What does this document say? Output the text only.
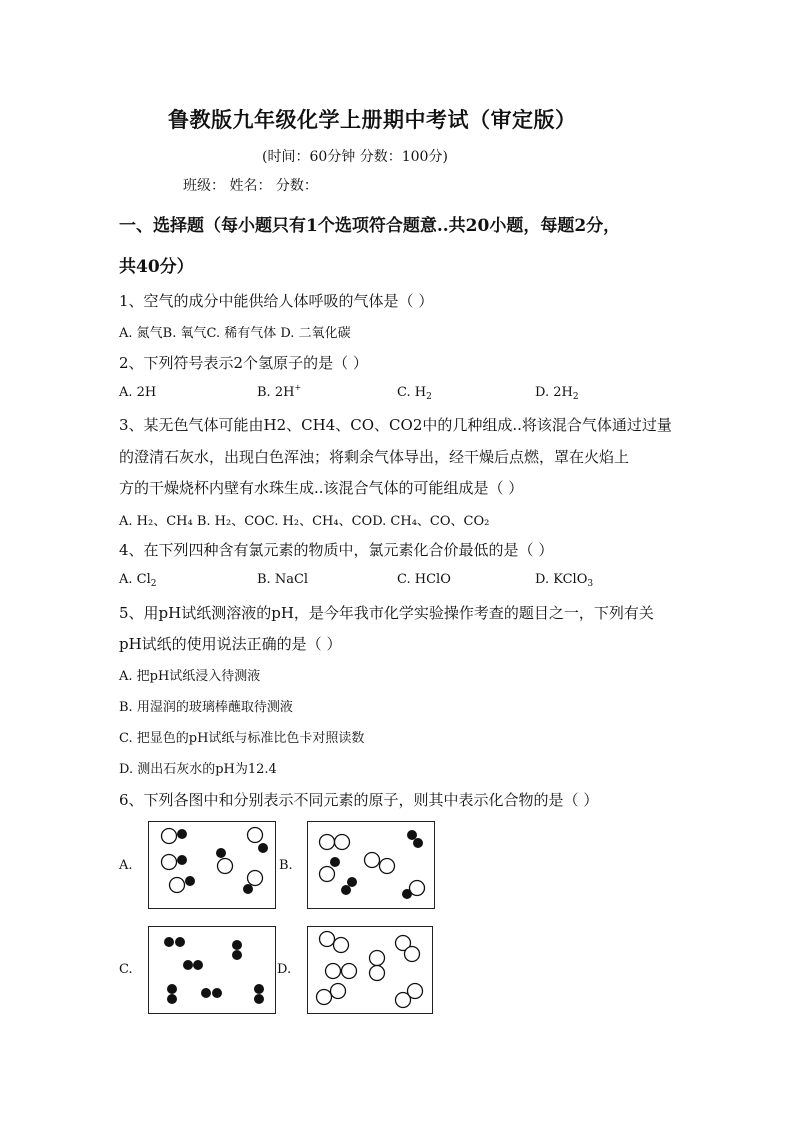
鲁教版九年级化学上册期中考试（审定版）
(时间：60分钟 分数：100分)
班级： 姓名： 分数：
一、选择题（每小题只有1个选项符合题意..共20小题，每题2分，
共40分）
1、空气的成分中能供给人体呼吸的气体是（ ）
A. 氮气B. 氧气C. 稀有气体 D. 二氧化碳
2、下列符号表示2个氢原子的是（ ）
A. 2H	B. 2H+	C. $H_2$	D. $2H_2$
3、某无色气体可能由H2、CH4、CO、CO2中的几种组成..将该混合气体通过过量
的澄清石灰水，出现白色浑浊；将剩余气体导出，经干燥后点燃，罩在火焰上
方的干燥烧杯内壁有水珠生成..该混合气体的可能组成是（ ）
A. H₂、CH₄ B. H₂、COC. H₂、CH₄、COD. CH₄、CO、CO₂
4、在下列四种含有氯元素的物质中，氯元素化合价最低的是（ ）
A. $Cl_2$	B. NaCl	C. HClO	D. KClO$_3$
5、用pH试纸测溶液的pH，是今年我市化学实验操作考查的题目之一，下列有关
pH试纸的使用说法正确的是（ ）
A. 把pH试纸浸入待测液
B. 用湿润的玻璃棒蘸取待测液
C. 把显色的pH试纸与标准比色卡对照读数
D. 测出石灰水的pH为12.4
6、下列各图中和分别表示不同元素的原子，则其中表示化合物的是（ ）
A.	B.
C.	D.
